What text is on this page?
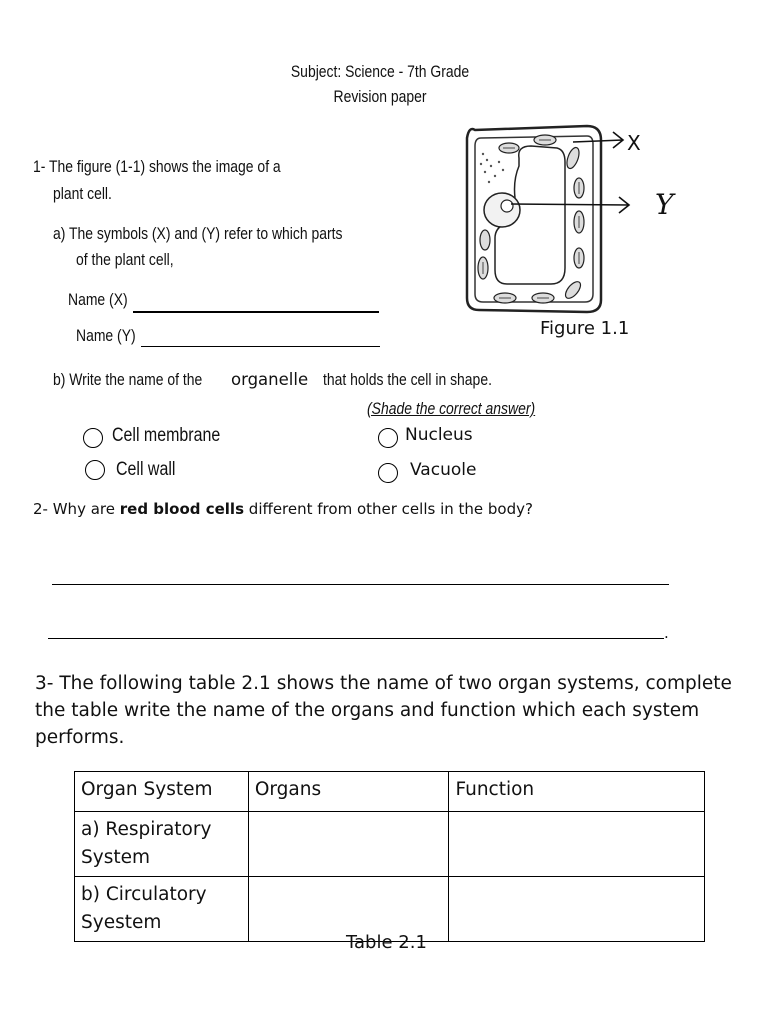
Subject: Science - 7th Grade
Revision paper
1- The figure (1-1) shows the image of a
plant cell.
a) The symbols (X) and (Y) refer to which parts
of the plant cell,
Name (X)
Name (Y)
X
Y
Figure 1.1
b) Write the name of the organelle that holds the cell in shape.
(Shade the correct answer)
Cell membrane
Cell wall
Nucleus
Vacuole
2- Why are red blood cells different from other cells in the body?
.
3- The following table 2.1 shows the name of two organ systems, complete the table write the name of the organs and function which each system performs.
Organ System	Organs	Function
a) Respiratory System		
b) Circulatory Syestem		
Table 2.1
